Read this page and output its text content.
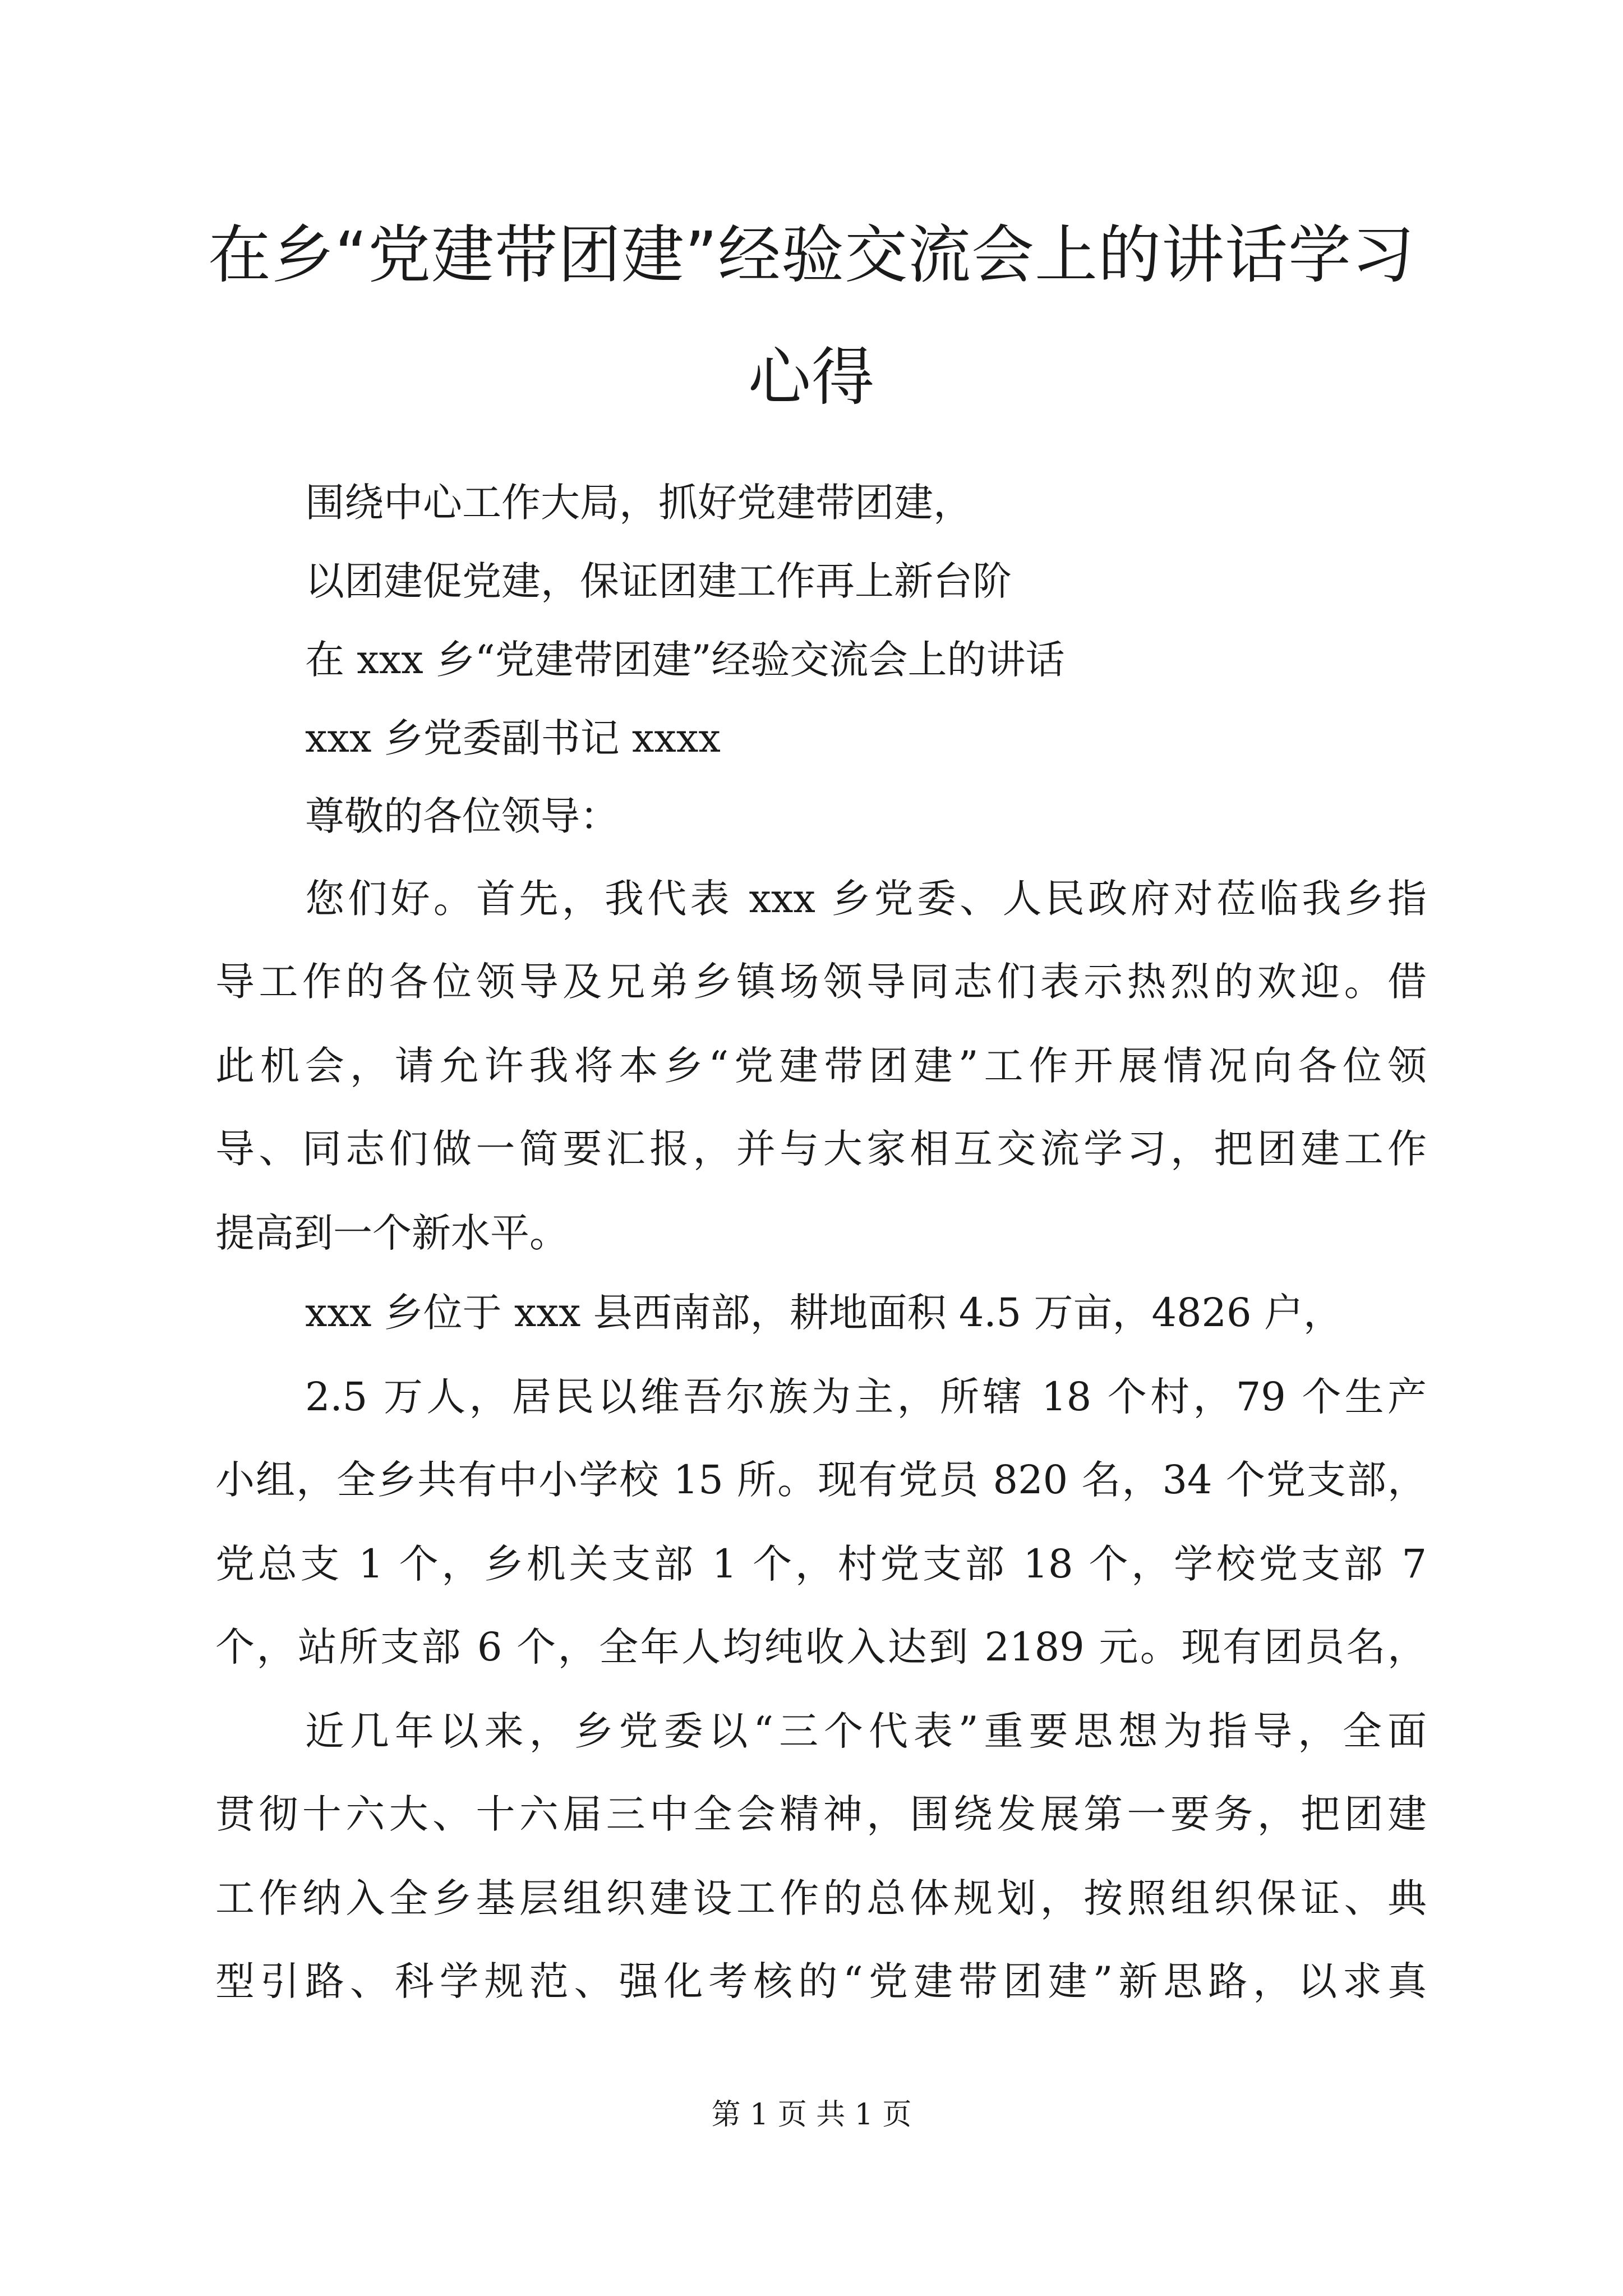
在乡“党建带团建”经验交流会上的讲话学习
心得
围绕中心工作大局，抓好党建带团建，
以团建促党建，保证团建工作再上新台阶
在 xxx 乡“党建带团建”经验交流会上的讲话
xxx 乡党委副书记 xxxx
尊敬的各位领导：
您们好。首先，我代表 xxx 乡党委、人民政府对莅临我乡指
导工作的各位领导及兄弟乡镇场领导同志们表示热烈的欢迎。借
此机会，请允许我将本乡“党建带团建”工作开展情况向各位领
导、同志们做一简要汇报，并与大家相互交流学习，把团建工作
提高到一个新水平。
xxx 乡位于 xxx 县西南部，耕地面积 4.5 万亩，4826 户，
2.5 万人，居民以维吾尔族为主，所辖 18 个村，79 个生产
小组，全乡共有中小学校 15 所。现有党员 820 名，34 个党支部，
党总支 1 个，乡机关支部 1 个，村党支部 18 个，学校党支部 7
个，站所支部 6 个，全年人均纯收入达到 2189 元。现有团员名，
近几年以来，乡党委以“三个代表”重要思想为指导，全面
贯彻十六大、十六届三中全会精神，围绕发展第一要务，把团建
工作纳入全乡基层组织建设工作的总体规划，按照组织保证、典
型引路、科学规范、强化考核的“党建带团建”新思路，以求真
第 1 页 共 1 页
